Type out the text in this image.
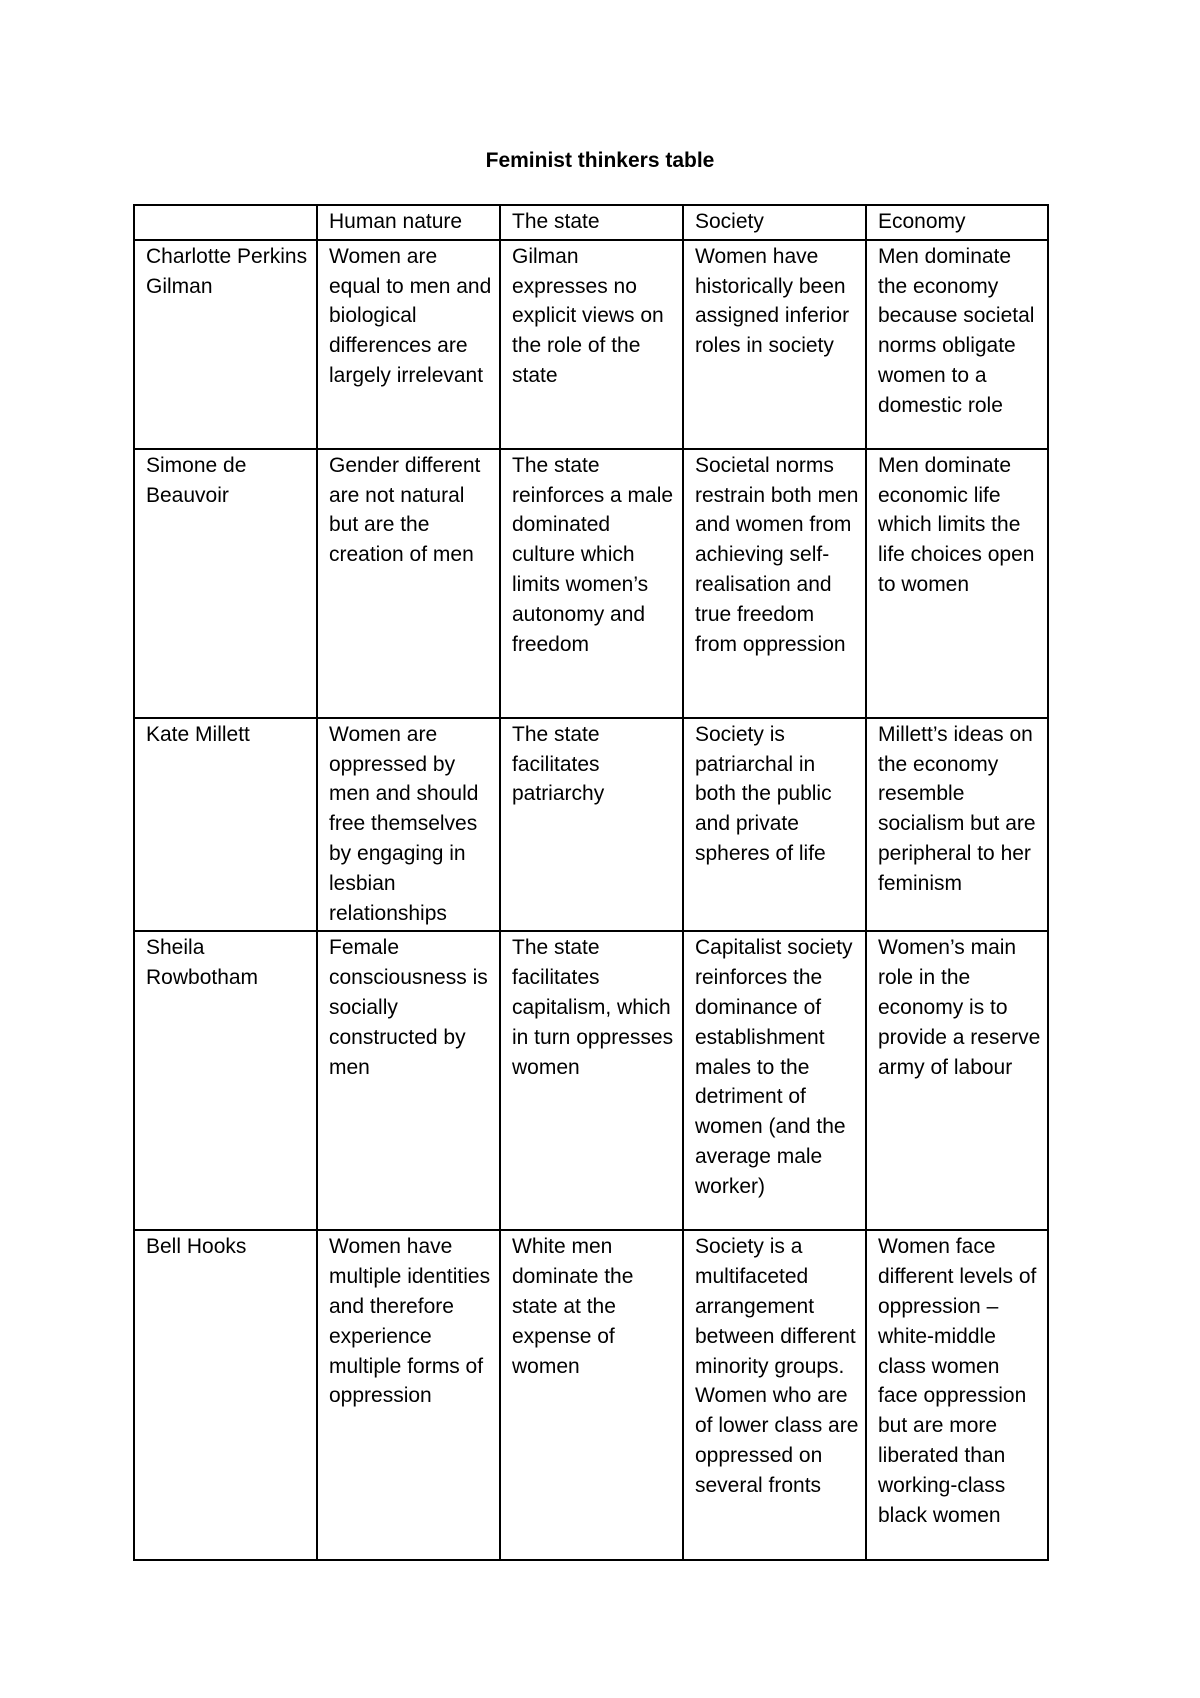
Feminist thinkers table
	Human nature	The state	Society	Economy
Charlotte Perkins Gilman	Women are equal to men and biological differences are largely irrelevant	Gilman expresses no explicit views on the role of the state	Women have historically been assigned inferior roles in society	Men dominate the economy because societal norms obligate women to a domestic role
Simone de Beauvoir	Gender different are not natural but are the creation of men	The state reinforces a male dominated culture which limits women’s autonomy and freedom	Societal norms restrain both men and women from achieving self-realisation and true freedom from oppression	Men dominate economic life which limits the life choices open to women
Kate Millett	Women are oppressed by men and should free themselves by engaging in lesbian relationships	The state facilitates patriarchy	Society is patriarchal in both the public and private spheres of life	Millett’s ideas on the economy resemble socialism but are peripheral to her feminism
Sheila Rowbotham	Female consciousness is socially constructed by men	The state facilitates capitalism, which in turn oppresses women	Capitalist society reinforces the dominance of establishment males to the detriment of women (and the average male worker)	Women’s main role in the economy is to provide a reserve army of labour
Bell Hooks	Women have multiple identities and therefore experience multiple forms of oppression	White men dominate the state at the expense of women	Society is a multifaceted arrangement between different minority groups. Women who are of lower class are oppressed on several fronts	Women face different levels of oppression – white-middle class women face oppression but are more liberated than working-class black women
